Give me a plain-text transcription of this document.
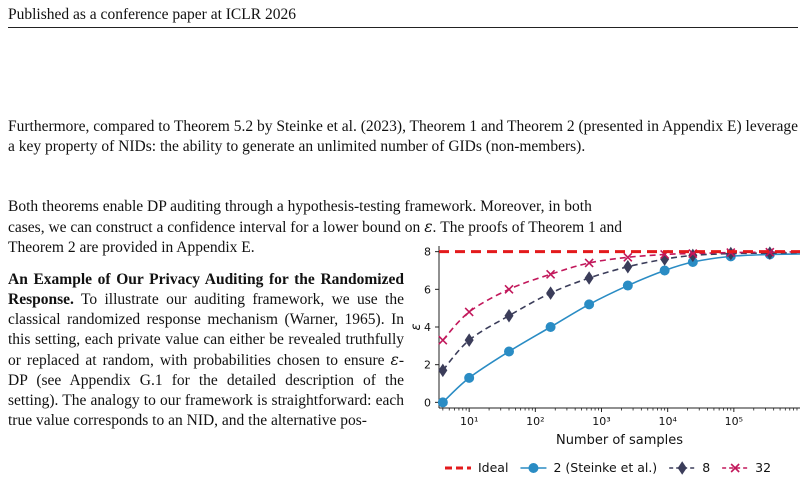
Published as a conference paper at ICLR 2026

Furthermore, compared to Theorem 5.2 by Steinke et al. (2023), Theorem 1 and Theorem 2 (presented in Appendix E) leverage a key property of NIDs: the ability to generate an unlimited number of GIDs (non-members).

Both theorems enable DP auditing through a hypothesis-testing framework. Moreover, in both
cases, we can construct a confidence interval for a lower bound on ε. The proofs of Theorem 1 and
Theorem 2 are provided in Appendix E.

An Example of Our Privacy Auditing for the Randomized Response. To illustrate our auditing framework, we use the classical randomized response mechanism (Warner, 1965). In this setting, each private value can either be revealed truthfully or replaced at random, with probabilities chosen to ensure ε-DP (see Appendix G.1 for the detailed description of the setting). The analogy to our framework is straightforward: each true value corresponds to an NID, and the alternative pos-

0
2
4
6
8
10¹	10²	10³	10⁴	10⁵
Number of samples
ε
Ideal	2 (Steinke et al.)	8	32
